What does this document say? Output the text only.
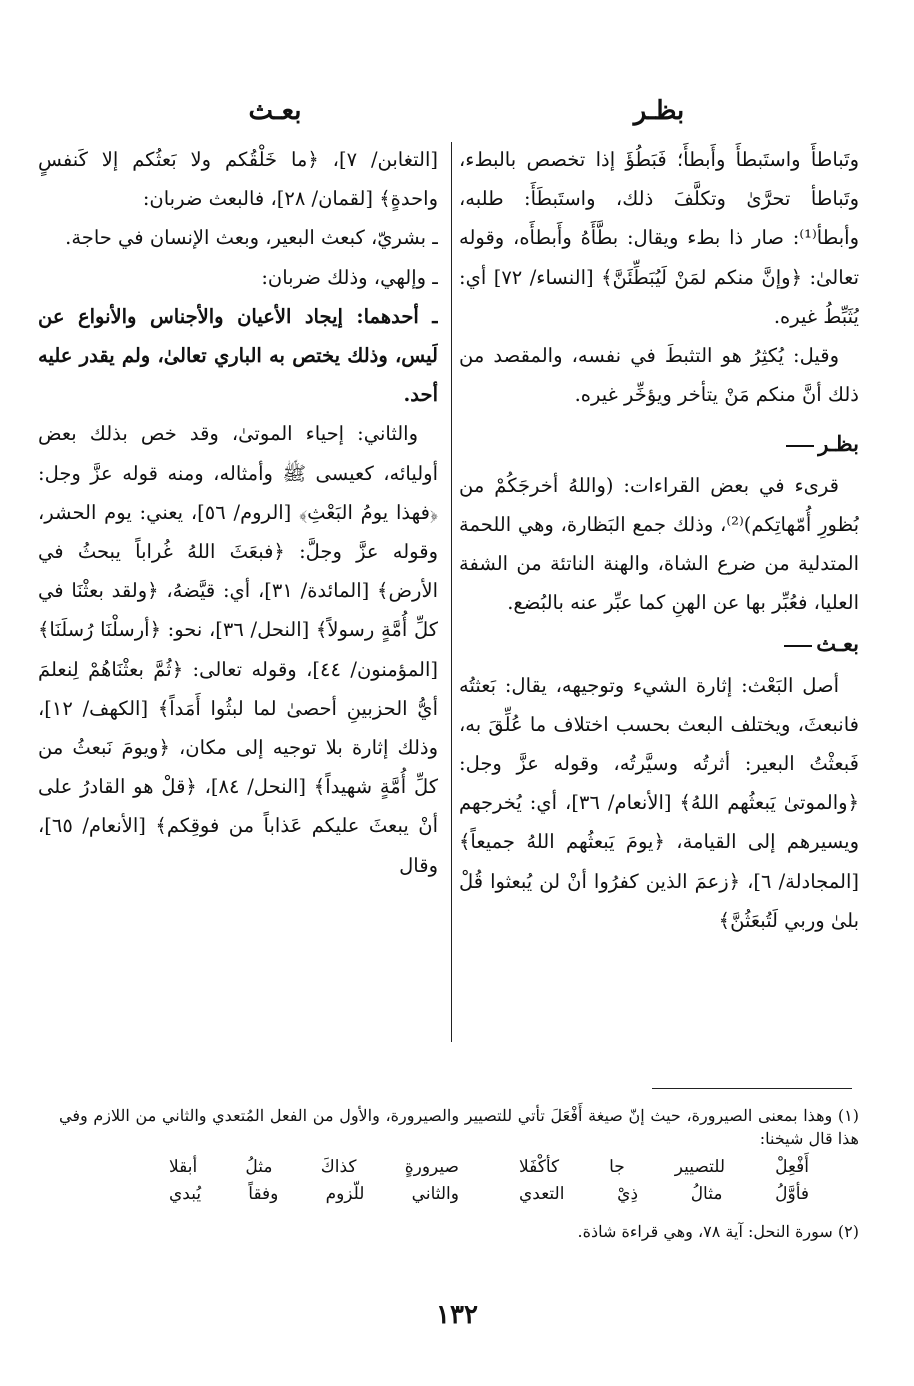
بظـر
بعـث

وتَباطأَ واستَبطأَ وأَبطأَ؛ فَبَطُؤَ إذا تخصص بالبطء، وتَباطأ تحرَّىٰ وتكلَّفَ ذلك، واستَبطَأَ: طلبه، وأبطأ⁽¹⁾: صار ذا بطء ويقال: بطَّأَهُ وأَبطأَه، وقوله تعالىٰ: ﴿وإنَّ منكم لمَنْ لَيُبَطِّئَنَّ﴾ [النساء/ ٧٢] أي: يُثَبِّطُ غيره.

وقيل: يُكثِرُ هو التثبطَ في نفسه، والمقصد من ذلك أنَّ منكم مَنْ يتأخر ويؤخِّر غيره.

بظـر

قرىء في بعض القراءات: (واللهُ أخرجَكُمْ من بُظورِ أُمّهاتِكم)⁽²⁾، وذلك جمع البَظارة، وهي اللحمة المتدلية من ضرع الشاة، والهنة الناتئة من الشفة العليا، فعُبِّر بها عن الهنِ كما عبِّر عنه بالبُضع.

بعـث

أصل البَعْث: إثارة الشيء وتوجيهه، يقال: بَعثتُه فانبعثَ، ويختلف البعث بحسب اختلاف ما عُلِّقَ به، فَبعثْتُ البعير: أثرتُه وسيَّرتُه، وقوله عزَّ وجل: ﴿والموتىٰ يَبعثُهم اللهُ﴾ [الأنعام/ ٣٦]، أي: يُخرجهم ويسيرهم إلى القيامة، ﴿يومَ يَبعثُهم اللهُ جميعاً﴾ [المجادلة/ ٦]، ﴿زعمَ الذين كفرُوا أنْ لن يُبعثوا قُلْ بلىٰ وربي لَتُبعَثُنَّ﴾

[التغابن/ ٧]، ﴿ما خَلْقُكم ولا بَعثُكم إلا كَنفسٍ واحدةٍ﴾ [لقمان/ ٢٨]، فالبعث ضربان:

ـ بشريّ، كبعث البعير، وبعث الإنسان في حاجة.

ـ وإلهي، وذلك ضربان:

ـ أحدهما: إيجاد الأعيان والأجناس والأنواع عن لَيس، وذلك يختص به الباري تعالىٰ، ولم يقدر عليه أحد.

والثاني: إحياء الموتىٰ، وقد خص بذلك بعض أوليائه، كعيسى ﷺ وأمثاله، ومنه قوله عزَّ وجل: ﴿فهذا يومُ البَعْثِ﴾ [الروم/ ٥٦]، يعني: يوم الحشر، وقوله عزَّ وجلَّ: ﴿فبعَثَ اللهُ غُراباً يبحثُ في الأرض﴾ [المائدة/ ٣١]، أي: قيَّضهُ، ﴿ولقد بعثْنَا في كلِّ أُمَّةٍ رسولاً﴾ [النحل/ ٣٦]، نحو: ﴿أرسلْنَا رُسلَنَا﴾ [المؤمنون/ ٤٤]، وقوله تعالى: ﴿ثُمَّ بعثْنَاهُمْ لِنعلمَ أيُّ الحزبينِ أحصىٰ لما لبثُوا أَمَداً﴾ [الكهف/ ١٢]، وذلك إثارة بلا توجيه إلى مكان، ﴿ويومَ نَبعثُ من كلِّ أُمَّةٍ شهيداً﴾ [النحل/ ٨٤]، ﴿قلْ هو القادرُ على أنْ يبعثَ عليكم عَذاباً من فوقِكم﴾ [الأنعام/ ٦٥]، وقال

(١) وهذا بمعنى الصيرورة، حيث إنّ صيغة أَفْعَلَ تأتي للتصيير والصيرورة، والأول من الفعل المُتعدي والثاني من اللازم وفي هذا قال شيخنا:
أَفْعِلْ للتصيير جا كأكْفَلا
صيرورةٍ كذاكَ مثلُ أبقلا
فأوَّلُ مثالُ ذِيْ التعدي
والثاني للّزوم وفقاً يُبدي
(٢) سورة النحل: آية ٧٨، وهي قراءة شاذة.
١٣٢
